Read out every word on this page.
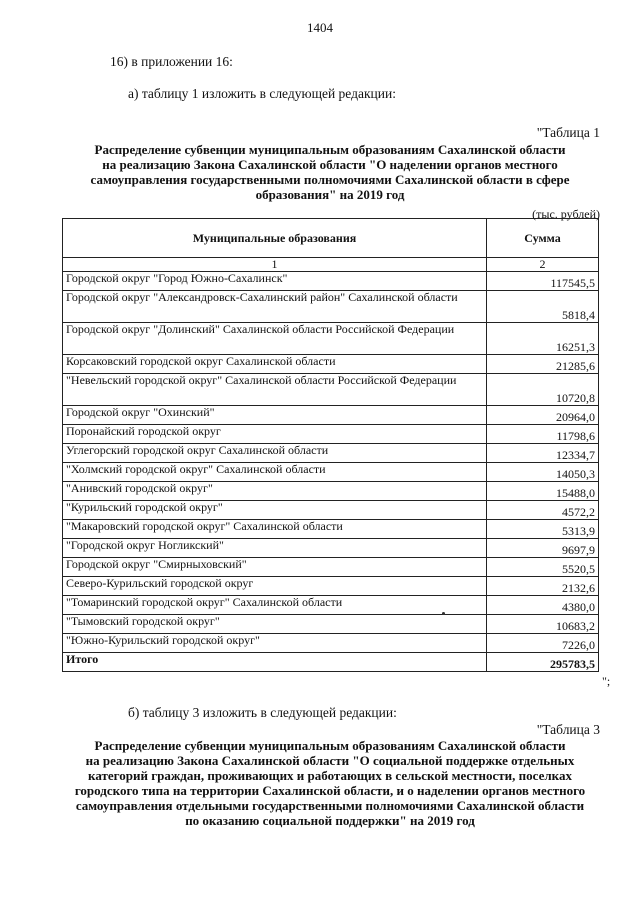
1404
16) в приложении 16:
а) таблицу 1 изложить в следующей редакции:
"Таблица 1
Распределение субвенции муниципальным образованиям Сахалинской области
на реализацию Закона Сахалинской области "О наделении органов местного
самоуправления государственными полномочиями Сахалинской области в сфере
образования" на 2019 год
(тыс. рублей)
Муниципальные образования	Сумма
1	2
Городской округ "Город Южно-Сахалинск"	117545,5
Городской округ "Александровск-Сахалинский район" Сахалинской области	5818,4
Городской округ "Долинский" Сахалинской области Российской Федерации	16251,3
Корсаковский городской округ Сахалинской области	21285,6
"Невельский городской округ" Сахалинской области Российской Федерации	10720,8
Городской округ "Охинский"	20964,0
Поронайский городской округ	11798,6
Углегорский городской округ Сахалинской области	12334,7
"Холмский городской округ" Сахалинской области	14050,3
"Анивский городской округ"	15488,0
"Курильский городской округ"	4572,2
"Макаровский городской округ" Сахалинской области	5313,9
"Городской округ Ногликский"	9697,9
Городской округ "Смирныховский"	5520,5
Северо-Курильский городской округ	2132,6
"Томаринский городской округ" Сахалинской области	4380,0
"Тымовский городской округ"	10683,2
"Южно-Курильский городской округ"	7226,0
Итого	295783,5
";
б) таблицу 3 изложить в следующей редакции:
"Таблица 3
Распределение субвенции муниципальным образованиям Сахалинской области
на реализацию Закона Сахалинской области "О социальной поддержке отдельных
категорий граждан, проживающих и работающих в сельской местности, поселках
городского типа на территории Сахалинской области, и о наделении органов местного
самоуправления отдельными государственными полномочиями Сахалинской области
по оказанию социальной поддержки" на 2019 год
